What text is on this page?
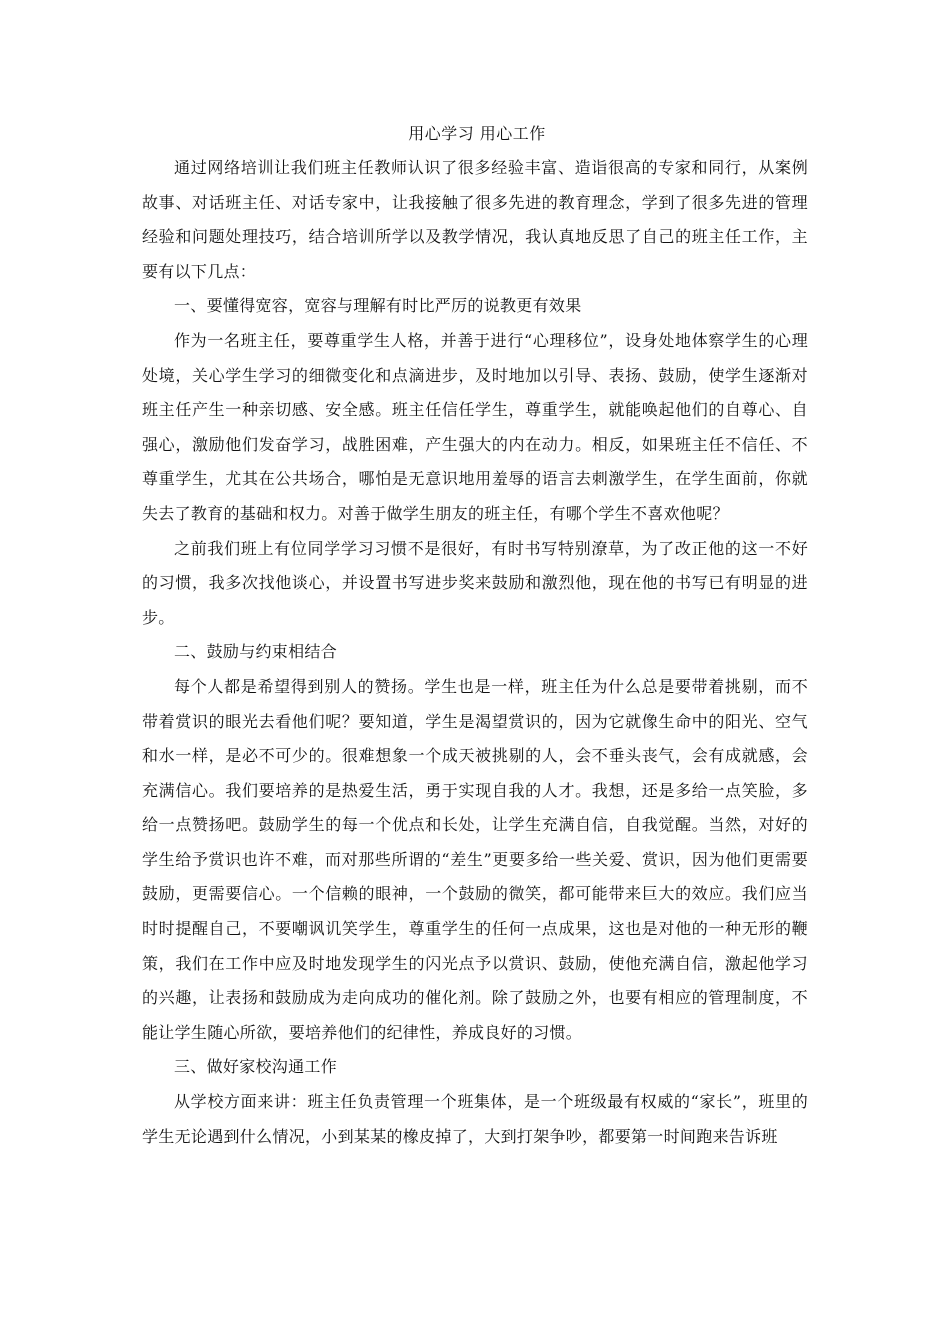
用心学习 用心工作

通过网络培训让我们班主任教师认识了很多经验丰富、造诣很高的专家和同行，从案例故事、对话班主任、对话专家中，让我接触了很多先进的教育理念，学到了很多先进的管理经验和问题处理技巧，结合培训所学以及教学情况，我认真地反思了自己的班主任工作，主要有以下几点：

一、要懂得宽容，宽容与理解有时比严厉的说教更有效果

作为一名班主任，要尊重学生人格，并善于进行“心理移位”，设身处地体察学生的心理处境，关心学生学习的细微变化和点滴进步，及时地加以引导、表扬、鼓励，使学生逐渐对班主任产生一种亲切感、安全感。班主任信任学生，尊重学生，就能唤起他们的自尊心、自强心，激励他们发奋学习，战胜困难，产生强大的内在动力。相反，如果班主任不信任、不尊重学生，尤其在公共场合，哪怕是无意识地用羞辱的语言去刺激学生，在学生面前，你就失去了教育的基础和权力。对善于做学生朋友的班主任，有哪个学生不喜欢他呢？

之前我们班上有位同学学习习惯不是很好，有时书写特别潦草，为了改正他的这一不好的习惯，我多次找他谈心，并设置书写进步奖来鼓励和激烈他，现在他的书写已有明显的进步。

二、鼓励与约束相结合

每个人都是希望得到别人的赞扬。学生也是一样，班主任为什么总是要带着挑剔，而不带着赏识的眼光去看他们呢？要知道，学生是渴望赏识的，因为它就像生命中的阳光、空气和水一样，是必不可少的。很难想象一个成天被挑剔的人，会不垂头丧气，会有成就感，会充满信心。我们要培养的是热爱生活，勇于实现自我的人才。我想，还是多给一点笑脸，多给一点赞扬吧。鼓励学生的每一个优点和长处，让学生充满自信，自我觉醒。当然，对好的学生给予赏识也许不难，而对那些所谓的“差生”更要多给一些关爱、赏识，因为他们更需要鼓励，更需要信心。一个信赖的眼神，一个鼓励的微笑，都可能带来巨大的效应。我们应当时时提醒自己，不要嘲讽讥笑学生，尊重学生的任何一点成果，这也是对他的一种无形的鞭策，我们在工作中应及时地发现学生的闪光点予以赏识、鼓励，使他充满自信，激起他学习的兴趣，让表扬和鼓励成为走向成功的催化剂。除了鼓励之外，也要有相应的管理制度，不能让学生随心所欲，要培养他们的纪律性，养成良好的习惯。

三、做好家校沟通工作

从学校方面来讲：班主任负责管理一个班集体，是一个班级最有权威的“家长”，班里的学生无论遇到什么情况，小到某某的橡皮掉了，大到打架争吵，都要第一时间跑来告诉班
